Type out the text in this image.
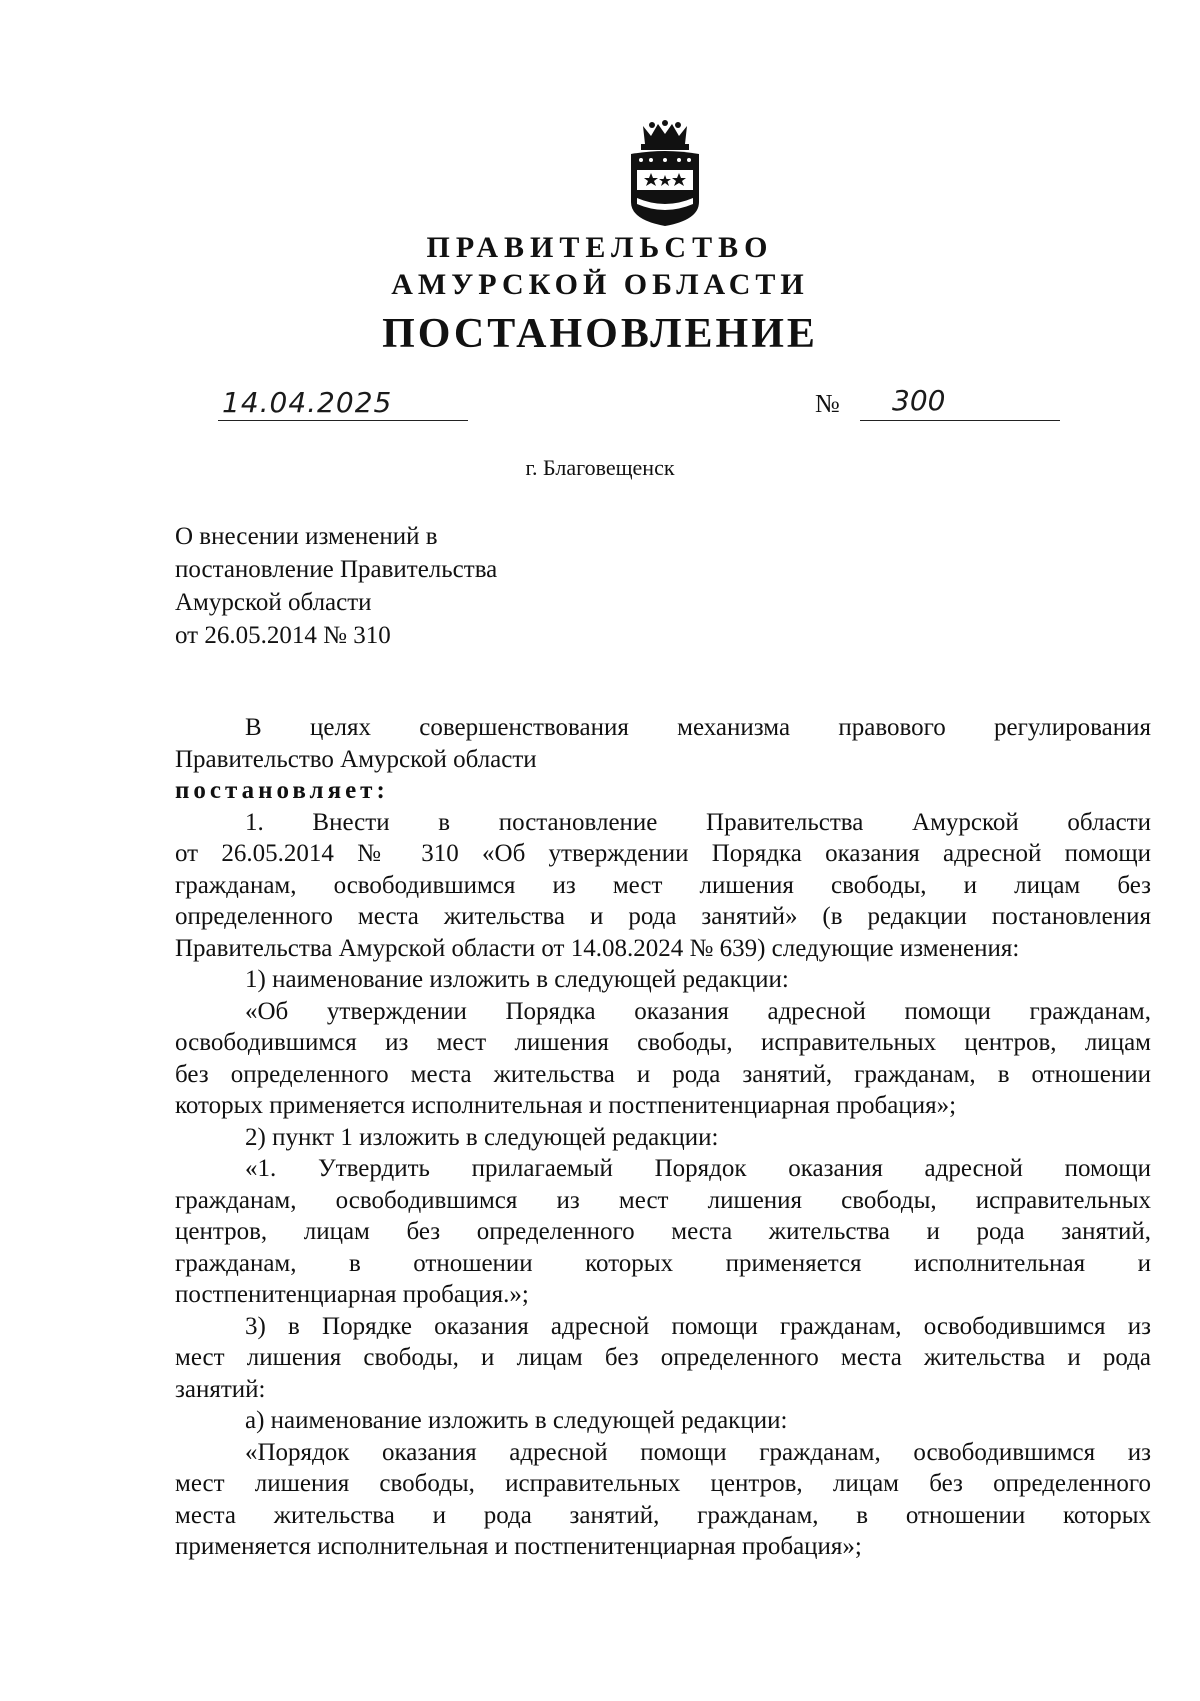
ПРАВИТЕЛЬСТВО
АМУРСКОЙ ОБЛАСТИ
ПОСТАНОВЛЕНИЕ
14.04.2025	№ 300
г. Благовещенск
О внесении изменений в
постановление Правительства
Амурской области
от 26.05.2014 № 310
В целях совершенствования механизма правового регулирования
Правительство Амурской области
постановляет:
1. Внести в постановление Правительства Амурской области
от 26.05.2014 № 310 «Об утверждении Порядка оказания адресной помощи
гражданам, освободившимся из мест лишения свободы, и лицам без
определенного места жительства и рода занятий» (в редакции постановления
Правительства Амурской области от 14.08.2024 № 639) следующие изменения:
1) наименование изложить в следующей редакции:
«Об утверждении Порядка оказания адресной помощи гражданам,
освободившимся из мест лишения свободы, исправительных центров, лицам
без определенного места жительства и рода занятий, гражданам, в отношении
которых применяется исполнительная и постпенитенциарная пробация»;
2) пункт 1 изложить в следующей редакции:
«1. Утвердить прилагаемый Порядок оказания адресной помощи
гражданам, освободившимся из мест лишения свободы, исправительных
центров, лицам без определенного места жительства и рода занятий,
гражданам, в отношении которых применяется исполнительная и
постпенитенциарная пробация.»;
3) в Порядке оказания адресной помощи гражданам, освободившимся из
мест лишения свободы, и лицам без определенного места жительства и рода
занятий:
а) наименование изложить в следующей редакции:
«Порядок оказания адресной помощи гражданам, освободившимся из
мест лишения свободы, исправительных центров, лицам без определенного
места жительства и рода занятий, гражданам, в отношении которых
применяется исполнительная и постпенитенциарная пробация»;
